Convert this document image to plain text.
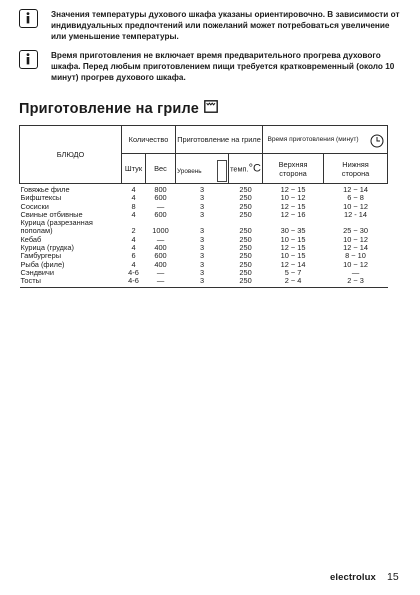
Значения температуры духового шкафа указаны ориентировочно. В зависимости от индивидуальных предпочтений или пожеланий может потребоваться увеличение или уменьшение температуры.
Время приготовления не включает время предварительного прогрева духового шкафа. Перед любым приготовлением пищи требуется кратковременный (около 10 минут) прогрев духового шкафа.
Приготовление на гриле
БЛЮДО	Количество		Приготовление на гриле		Время приготовления (минут)	

	Штук	Вес	Уровень	темп.°C	Верхняя сторона	Нижняя сторона

Говяжье филе	4	800	3	250	12 ~ 15	12 ~ 14
Бифштексы	4	600	3	250	10 ~ 12	6 ~ 8
Сосиски	8	—	3	250	12 ~ 15	10 ~ 12
Свиные отбивные	4	600	3	250	12 ~ 16	12 - 14
Курица (разрезанная						
пополам)	2	1000	3	250	30 ~ 35	25 ~ 30
Кебаб	4	—	3	250	10 ~ 15	10 ~ 12
Курица (грудка)	4	400	3	250	12 ~ 15	12 ~ 14
Гамбургеры	6	600	3	250	10 ~ 15	8 ~ 10
Рыба (филе)	4	400	3	250	12 ~ 14	10 ~ 12
Сэндвичи	4-6	—	3	250	5 ~ 7	—
Тосты	4-6	—	3	250	2 ~ 4	2 ~ 3
electrolux 15
